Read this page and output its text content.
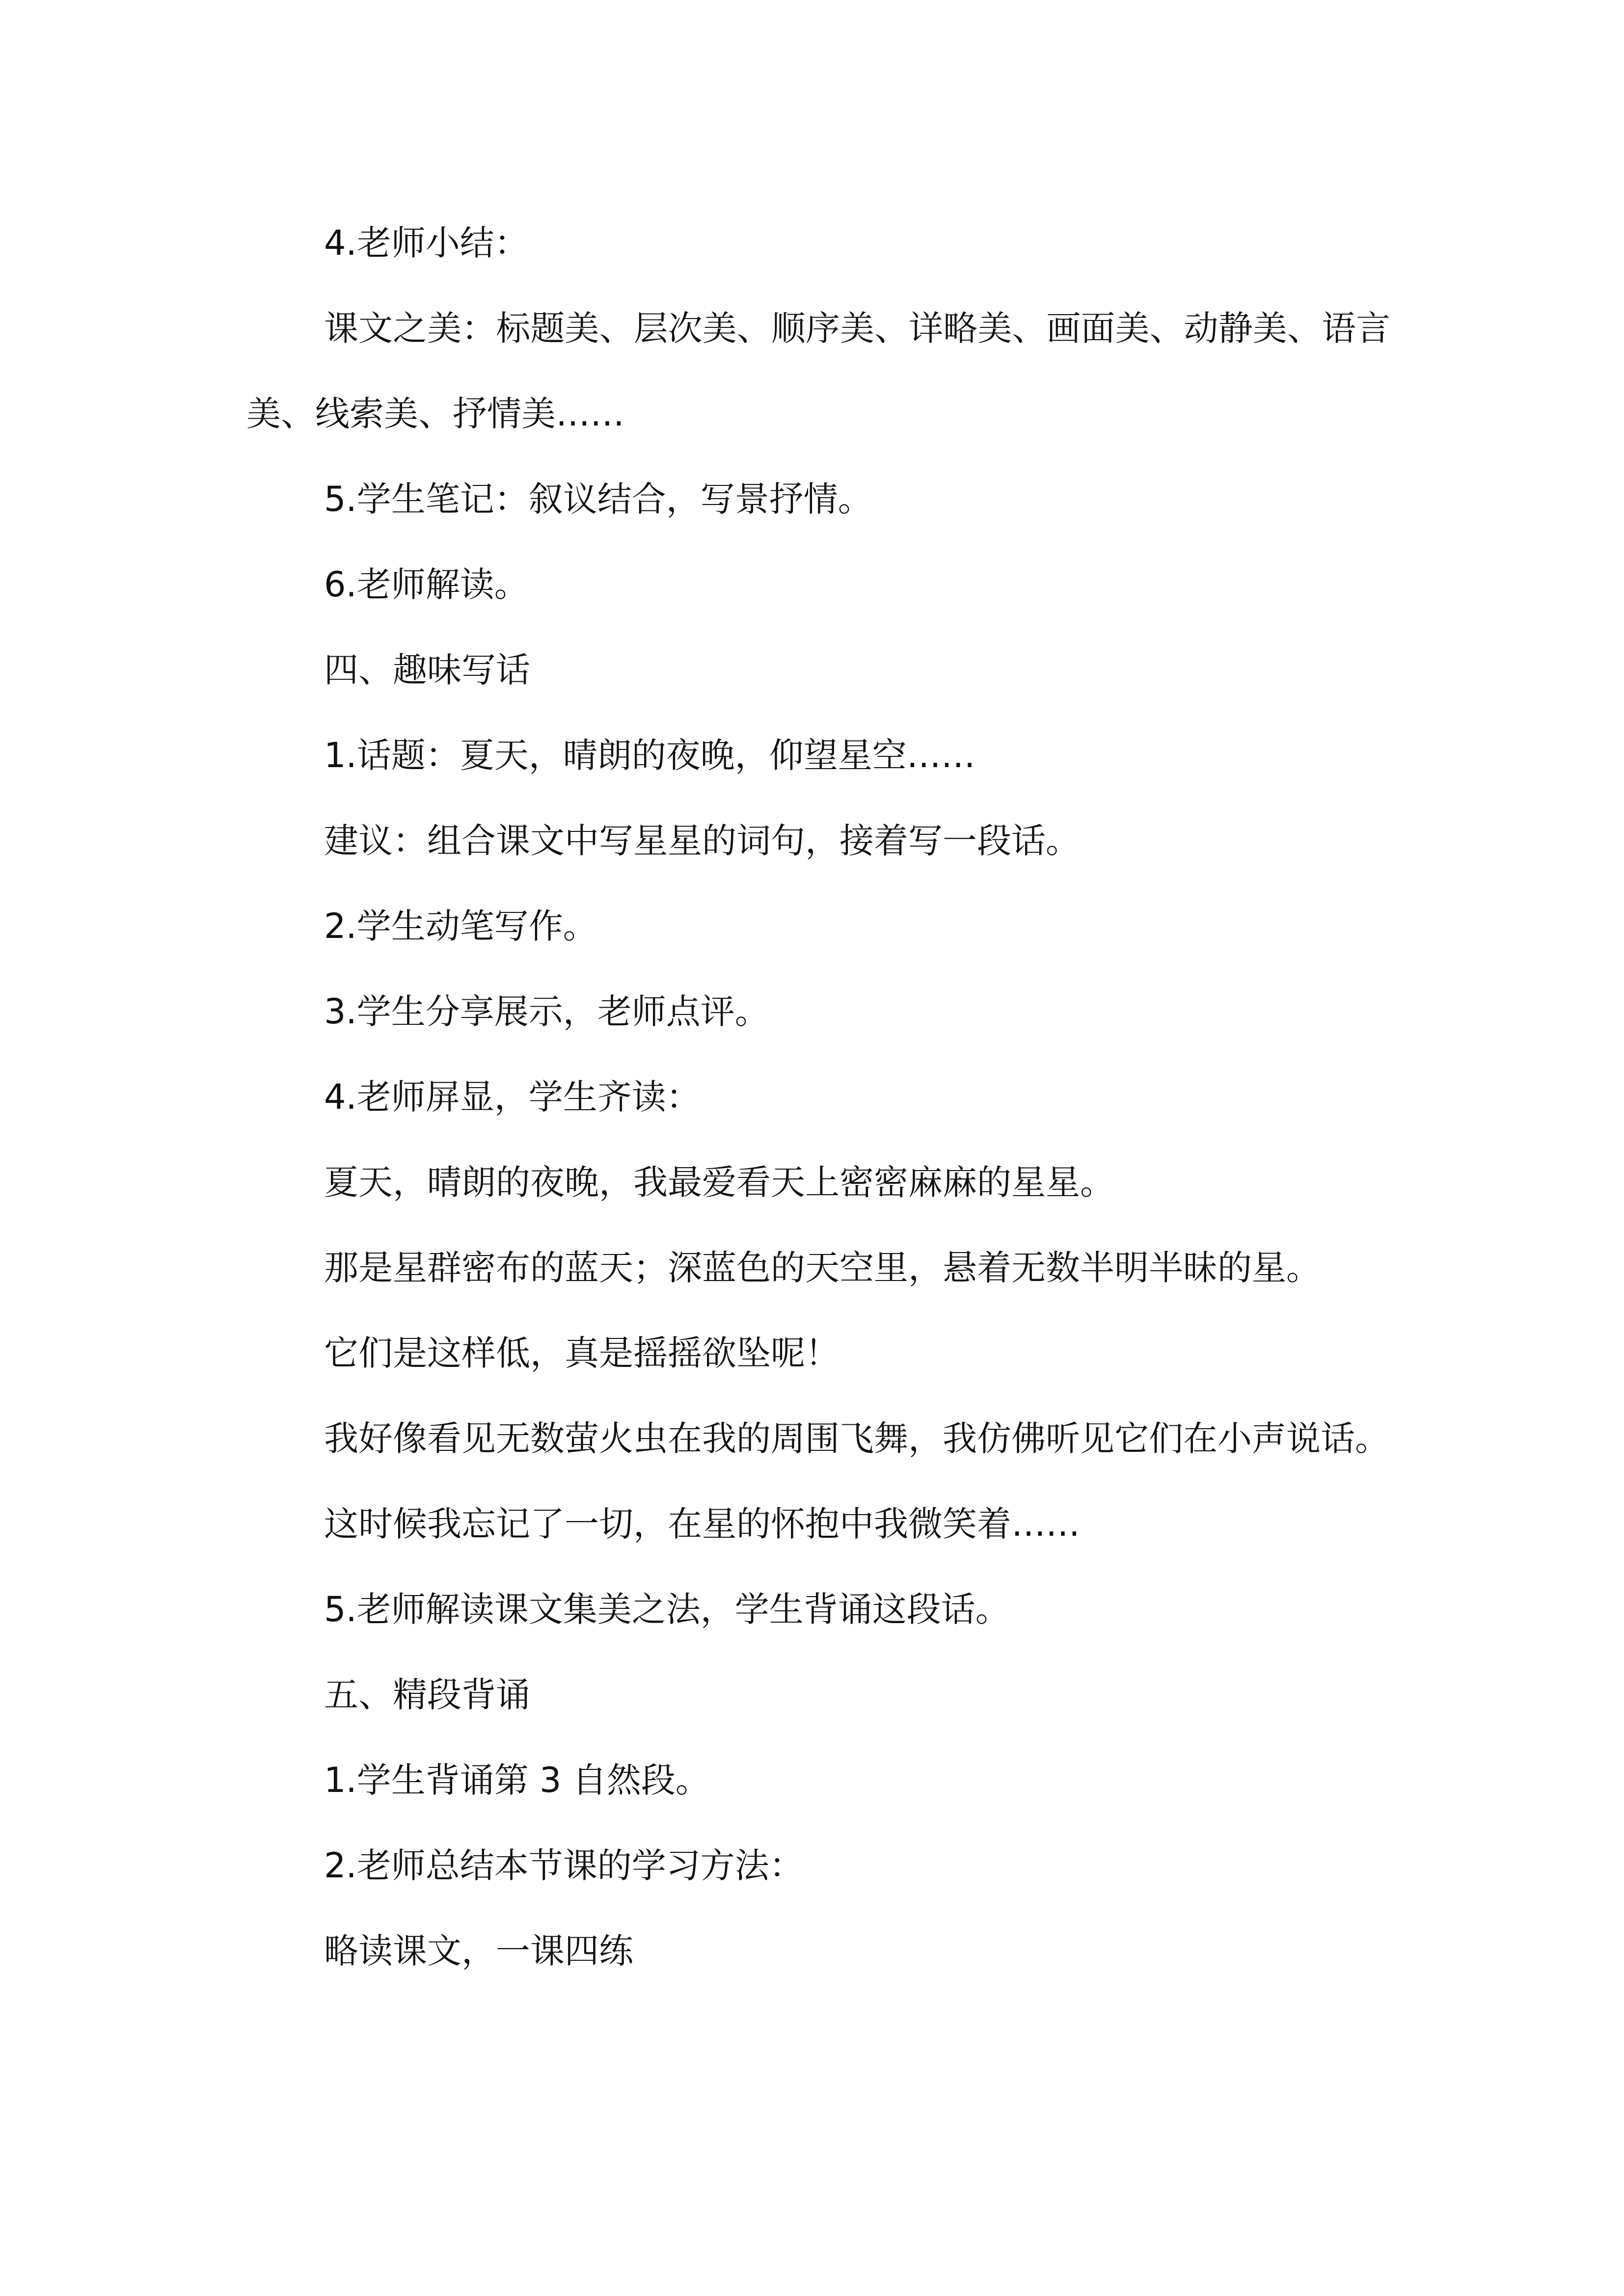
4.老师小结：

课文之美：标题美、层次美、顺序美、详略美、画面美、动静美、语言美、线索美、抒情美……

5.学生笔记：叙议结合，写景抒情。

6.老师解读。

四、趣味写话

1.话题：夏天，晴朗的夜晚，仰望星空……

建议：组合课文中写星星的词句，接着写一段话。

2.学生动笔写作。

3.学生分享展示，老师点评。

4.老师屏显，学生齐读：

夏天，晴朗的夜晚，我最爱看天上密密麻麻的星星。

那是星群密布的蓝天；深蓝色的天空里，悬着无数半明半昧的星。

它们是这样低，真是摇摇欲坠呢！

我好像看见无数萤火虫在我的周围飞舞，我仿佛听见它们在小声说话。

这时候我忘记了一切，在星的怀抱中我微笑着……

5.老师解读课文集美之法，学生背诵这段话。

五、精段背诵

1.学生背诵第 3 自然段。

2.老师总结本节课的学习方法：

略读课文，一课四练
